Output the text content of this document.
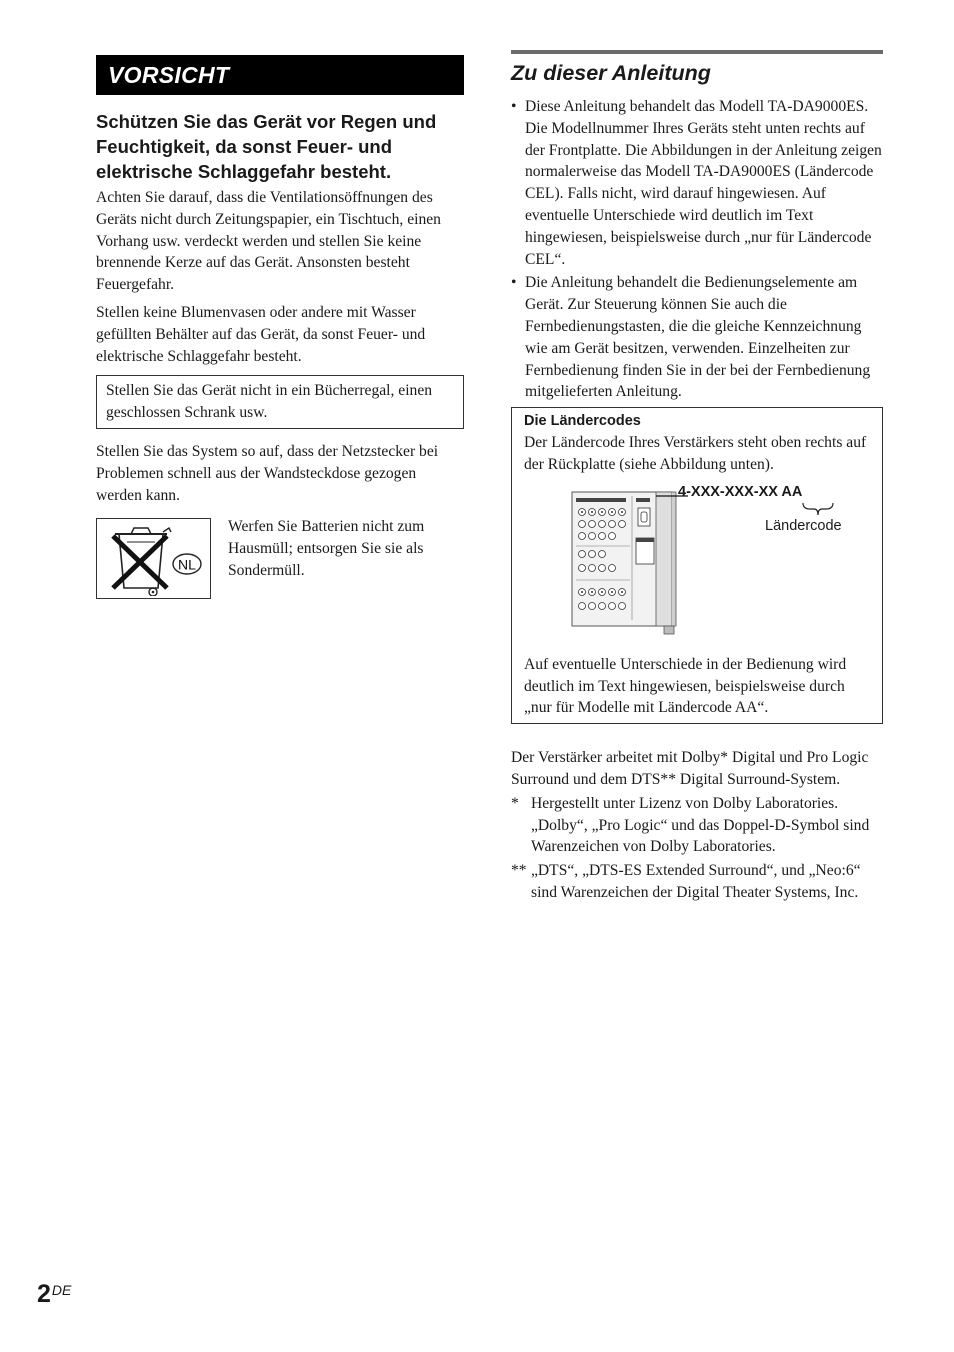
VORSICHT
Schützen Sie das Gerät vor Regen und Feuchtigkeit, da sonst Feuer- und elektrische Schlaggefahr besteht.

Achten Sie darauf, dass die Ventilationsöffnungen des Geräts nicht durch Zeitungspapier, ein Tischtuch, einen Vorhang usw. verdeckt werden und stellen Sie keine brennende Kerze auf das Gerät. Ansonsten besteht Feuergefahr.

Stellen keine Blumenvasen oder andere mit Wasser gefüllten Behälter auf das Gerät, da sonst Feuer- und elektrische Schlaggefahr besteht.

Stellen Sie das Gerät nicht in ein Bücherregal, einen geschlossen Schrank usw.

Stellen Sie das System so auf, dass der Netzstecker bei Problemen schnell aus der Wandsteckdose gezogen werden kann.

NL

Werfen Sie Batterien nicht zum Hausmüll; entsorgen Sie sie als Sondermüll.

Zu dieser Anleitung
• Diese Anleitung behandelt das Modell TA-DA9000ES. Die Modellnummer Ihres Geräts steht unten rechts auf der Frontplatte. Die Abbildungen in der Anleitung zeigen normalerweise das Modell TA-DA9000ES (Ländercode CEL). Falls nicht, wird darauf hingewiesen. Auf eventuelle Unterschiede wird deutlich im Text hingewiesen, beispielsweise durch „nur für Ländercode CEL“.
• Die Anleitung behandelt die Bedienungselemente am Gerät. Zur Steuerung können Sie auch die Fernbedienungstasten, die die gleiche Kennzeichnung wie am Gerät besitzen, verwenden. Einzelheiten zur Fernbedienung finden Sie in der bei der Fernbedienung mitgelieferten Anleitung.
Die Ländercodes

Der Ländercode Ihres Verstärkers steht oben rechts auf der Rückplatte (siehe Abbildung unten).

4-XXX-XXX-XX AA
Ländercode

Auf eventuelle Unterschiede in der Bedienung wird deutlich im Text hingewiesen, beispielsweise durch „nur für Modelle mit Ländercode AA“.

Der Verstärker arbeitet mit Dolby* Digital und Pro Logic Surround und dem DTS** Digital Surround-System.

* Hergestellt unter Lizenz von Dolby Laboratories. „Dolby“, „Pro Logic“ und das Doppel-D-Symbol sind Warenzeichen von Dolby Laboratories.
** „DTS“, „DTS-ES Extended Surround“, und „Neo:6“ sind Warenzeichen der Digital Theater Systems, Inc.
2DE
